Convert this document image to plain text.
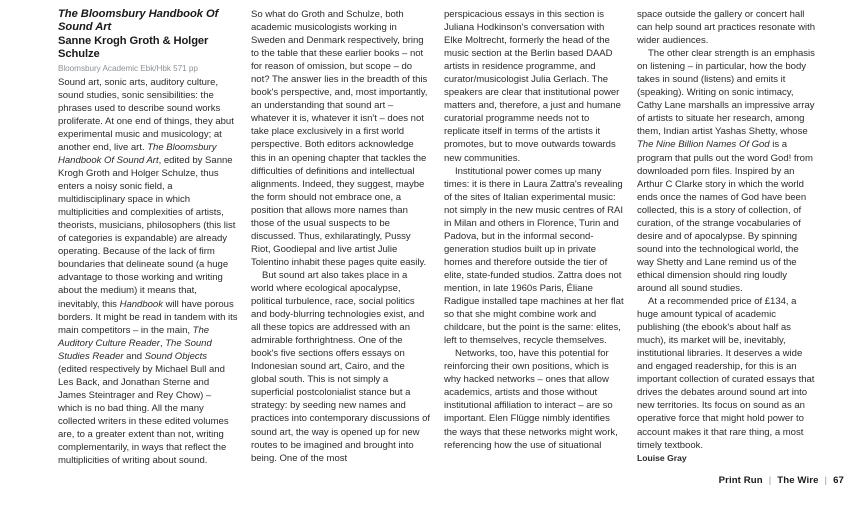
The Bloomsbury Handbook Of Sound Art
Sanne Krogh Groth & Holger Schulze
Bloomsbury Academic Ebk/Hbk 571 pp

Sound art, sonic arts, auditory culture, sound studies, sonic sensibilities: the phrases used to describe sound works proliferate. At one end of things, they abut experimental music and musicology; at another end, live art. The Bloomsbury Handbook Of Sound Art, edited by Sanne Krogh Groth and Holger Schulze, thus enters a noisy sonic field, a multidisciplinary space in which multiplicities and complexities of artists, theorists, musicians, philosophers (this list of categories is expandable) are already operating. Because of the lack of firm boundaries that delineate sound (a huge advantage to those working and writing about the medium) it means that, inevitably, this Handbook will have porous borders. It might be read in tandem with its main competitors – in the main, The Auditory Culture Reader, The Sound Studies Reader and Sound Objects (edited respectively by Michael Bull and Les Back, and Jonathan Sterne and James Steintrager and Rey Chow) – which is no bad thing. All the many collected writers in these edited volumes are, to a greater extent than not, writing complementarily, in ways that reflect the multiplicities of writing about sound.

So what do Groth and Schulze, both academic musicologists working in Sweden and Denmark respectively, bring to the table that these earlier books – not for reason of omission, but scope – do not? The answer lies in the breadth of this book's perspective, and, most importantly, an understanding that sound art – whatever it is, whatever it isn't – does not take place exclusively in a first world perspective. Both editors acknowledge this in an opening chapter that tackles the difficulties of definitions and intellectual alignments. Indeed, they suggest, maybe the form should not embrace one, a position that allows more names than those of the usual suspects to be discussed. Thus, exhilaratingly, Pussy Riot, Goodiepal and live artist Julie Tolentino inhabit these pages quite easily.

But sound art also takes place in a world where ecological apocalypse, political turbulence, race, social politics and body-blurring technologies exist, and all these topics are addressed with an admirable forthrightness. One of the book's five sections offers essays on Indonesian sound art, Cairo, and the global south. This is not simply a superficial postcolonialist stance but a strategy: by seeding new names and practices into contemporary discussions of sound art, the way is opened up for new routes to be imagined and brought into being. One of the most

perspicacious essays in this section is Juliana Hodkinson's conversation with Elke Moltrecht, formerly the head of the music section at the Berlin based DAAD artists in residence programme, and curator/musicologist Julia Gerlach. The speakers are clear that institutional power matters and, therefore, a just and humane curatorial programme needs not to replicate itself in terms of the artists it promotes, but to move outwards towards new communities.

Institutional power comes up many times: it is there in Laura Zattra's revealing of the sites of Italian experimental music: not simply in the new music centres of RAI in Milan and others in Florence, Turin and Padova, but in the informal second-generation studios built up in private homes and therefore outside the tier of elite, state-funded studios. Zattra does not mention, in late 1960s Paris, Éliane Radigue installed tape machines at her flat so that she might combine work and childcare, but the point is the same: elites, left to themselves, recycle themselves.

Networks, too, have this potential for reinforcing their own positions, which is why hacked networks – ones that allow academics, artists and those without institutional affiliation to interact – are so important. Elen Flügge nimbly identifies the ways that these networks might work, referencing how the use of situational

space outside the gallery or concert hall can help sound art practices resonate with wider audiences.

The other clear strength is an emphasis on listening – in particular, how the body takes in sound (listens) and emits it (speaking). Writing on sonic intimacy, Cathy Lane marshalls an impressive array of artists to situate her research, among them, Indian artist Yashas Shetty, whose The Nine Billion Names Of God is a program that pulls out the word God! from downloaded porn files. Inspired by an Arthur C Clarke story in which the world ends once the names of God have been collected, this is a story of collection, of curation, of the strange vocabularies of desire and of apocalypse. By spinning sound into the technological world, the way Shetty and Lane remind us of the ethical dimension should ring loudly around all sound studies.

At a recommended price of £134, a huge amount typical of academic publishing (the ebook's about half as much), its market will be, inevitably, institutional libraries. It deserves a wide and engaged readership, for this is an important collection of curated essays that drives the debates around sound art into new territories. Its focus on sound as an operative force that might hold power to account makes it that rare thing, a most timely textbook.

Louise Gray
Print Run | The Wire | 67
